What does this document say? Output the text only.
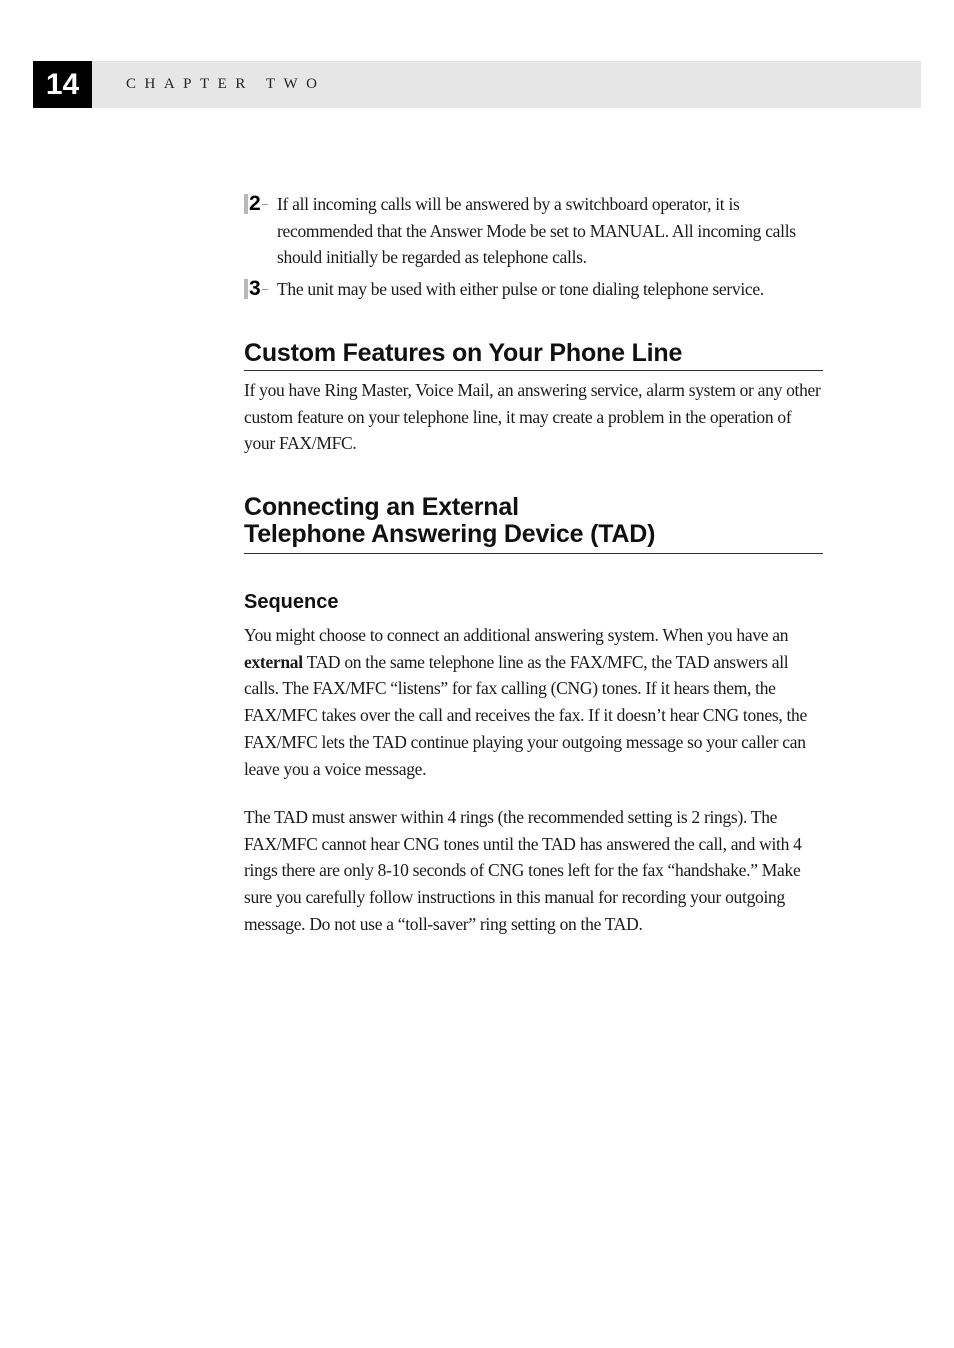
14	CHAPTER TWO
2 If all incoming calls will be answered by a switchboard operator, it is recommended that the Answer Mode be set to MANUAL. All incoming calls should initially be regarded as telephone calls.
3 The unit may be used with either pulse or tone dialing telephone service.
Custom Features on Your Phone Line
If you have Ring Master, Voice Mail, an answering service, alarm system or any other custom feature on your telephone line, it may create a problem in the operation of your FAX/MFC.
Connecting an External
Telephone Answering Device (TAD)
Sequence
You might choose to connect an additional answering system. When you have an external TAD on the same telephone line as the FAX/MFC, the TAD answers all calls. The FAX/MFC “listens” for fax calling (CNG) tones. If it hears them, the FAX/MFC takes over the call and receives the fax. If it doesn’t hear CNG tones, the FAX/MFC lets the TAD continue playing your outgoing message so your caller can leave you a voice message.
The TAD must answer within 4 rings (the recommended setting is 2 rings). The FAX/MFC cannot hear CNG tones until the TAD has answered the call, and with 4 rings there are only 8-10 seconds of CNG tones left for the fax “handshake.” Make sure you carefully follow instructions in this manual for recording your outgoing message. Do not use a “toll-saver” ring setting on the TAD.
